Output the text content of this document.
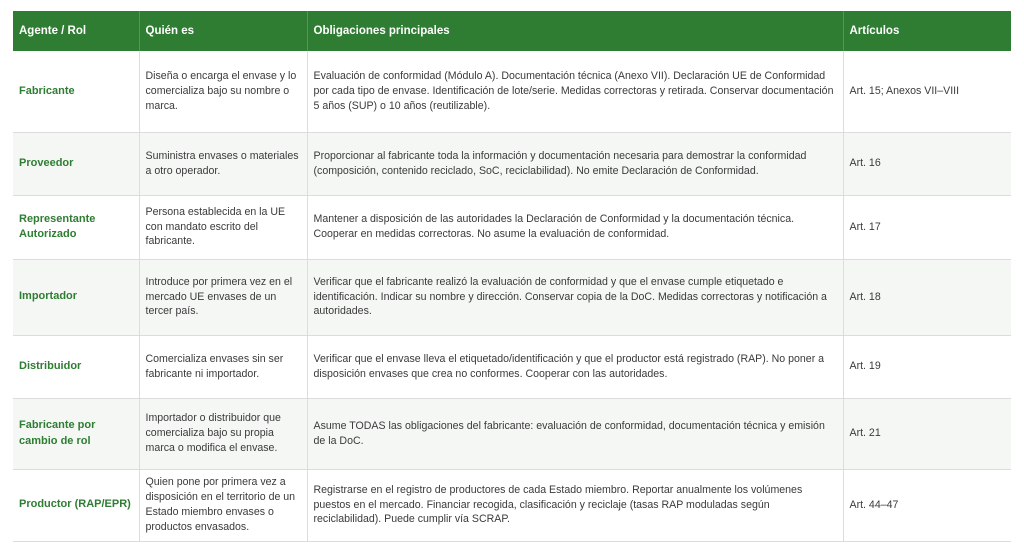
Agente / Rol	Quién es	Obligaciones principales	Artículos
Fabricante	Diseña o encarga el envase y lo comercializa bajo su nombre o marca.	Evaluación de conformidad (Módulo A). Documentación técnica (Anexo VII). Declaración UE de Conformidad por cada tipo de envase. Identificación de lote/serie. Medidas correctoras y retirada. Conservar documentación 5 años (SUP) o 10 años (reutilizable).	Art. 15; Anexos VII–VIII
Proveedor	Suministra envases o materiales a otro operador.	Proporcionar al fabricante toda la información y documentación necesaria para demostrar la conformidad (composición, contenido reciclado, SoC, reciclabilidad). No emite Declaración de Conformidad.	Art. 16
Representante Autorizado	Persona establecida en la UE con mandato escrito del fabricante.	Mantener a disposición de las autoridades la Declaración de Conformidad y la documentación técnica. Cooperar en medidas correctoras. No asume la evaluación de conformidad.	Art. 17
Importador	Introduce por primera vez en el mercado UE envases de un tercer país.	Verificar que el fabricante realizó la evaluación de conformidad y que el envase cumple etiquetado e identificación. Indicar su nombre y dirección. Conservar copia de la DoC. Medidas correctoras y notificación a autoridades.	Art. 18
Distribuidor	Comercializa envases sin ser fabricante ni importador.	Verificar que el envase lleva el etiquetado/identificación y que el productor está registrado (RAP). No poner a disposición envases que crea no conformes. Cooperar con las autoridades.	Art. 19
Fabricante por cambio de rol	Importador o distribuidor que comercializa bajo su propia marca o modifica el envase.	Asume TODAS las obligaciones del fabricante: evaluación de conformidad, documentación técnica y emisión de la DoC.	Art. 21
Productor (RAP/EPR)	Quien pone por primera vez a disposición en el territorio de un Estado miembro envases o productos envasados.	Registrarse en el registro de productores de cada Estado miembro. Reportar anualmente los volúmenes puestos en el mercado. Financiar recogida, clasificación y reciclaje (tasas RAP moduladas según reciclabilidad). Puede cumplir vía SCRAP.	Art. 44–47
